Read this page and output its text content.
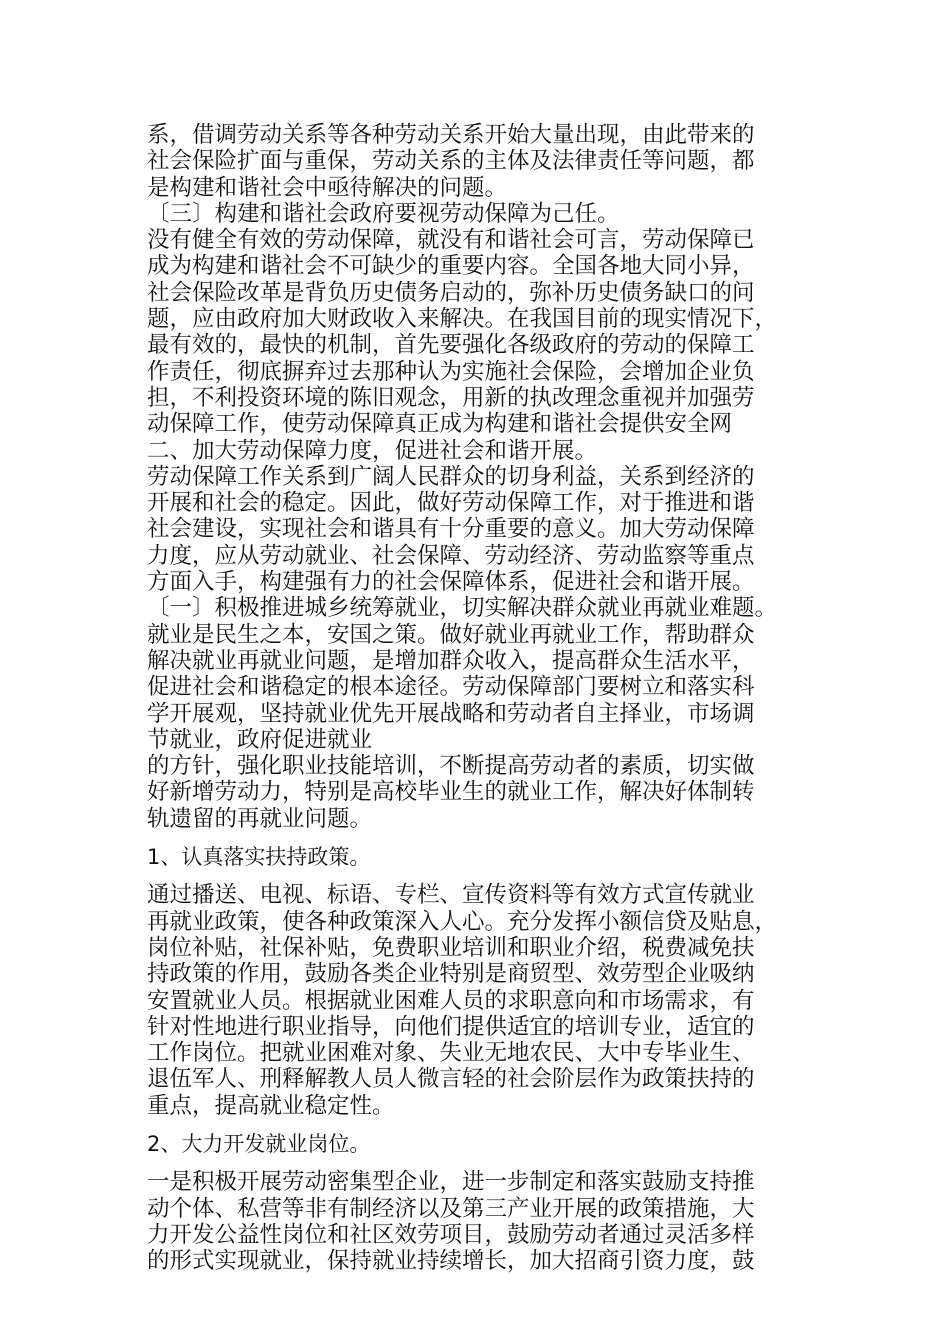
系，借调劳动关系等各种劳动关系开始大量出现，由此带来的
社会保险扩面与重保，劳动关系的主体及法律责任等问题，都
是构建和谐社会中亟待解决的问题。

〔三〕构建和谐社会政府要视劳动保障为己任。

没有健全有效的劳动保障，就没有和谐社会可言，劳动保障已
成为构建和谐社会不可缺少的重要内容。全国各地大同小异，
社会保险改革是背负历史债务启动的，弥补历史债务缺口的问
题，应由政府加大财政收入来解决。在我国目前的现实情况下，
最有效的，最快的机制，首先要强化各级政府的劳动的保障工
作责任，彻底摒弃过去那种认为实施社会保险，会增加企业负
担，不利投资环境的陈旧观念，用新的执改理念重视并加强劳
动保障工作，使劳动保障真正成为构建和谐社会提供安全网

二、加大劳动保障力度，促进社会和谐开展。

劳动保障工作关系到广阔人民群众的切身利益，关系到经济的
开展和社会的稳定。因此，做好劳动保障工作，对于推进和谐
社会建设，实现社会和谐具有十分重要的意义。加大劳动保障
力度，应从劳动就业、社会保障、劳动经济、劳动监察等重点
方面入手，构建强有力的社会保障体系，促进社会和谐开展。

〔一〕积极推进城乡统筹就业，切实解决群众就业再就业难题。

就业是民生之本，安国之策。做好就业再就业工作，帮助群众
解决就业再就业问题，是增加群众收入，提高群众生活水平，
促进社会和谐稳定的根本途径。劳动保障部门要树立和落实科
学开展观，坚持就业优先开展战略和劳动者自主择业，市场调
节就业，政府促进就业

的方针，强化职业技能培训，不断提高劳动者的素质，切实做
好新增劳动力，特别是高校毕业生的就业工作，解决好体制转
轨遗留的再就业问题。

1、认真落实扶持政策。

通过播送、电视、标语、专栏、宣传资料等有效方式宣传就业
再就业政策，使各种政策深入人心。充分发挥小额信贷及贴息，
岗位补贴，社保补贴，免费职业培训和职业介绍，税费减免扶
持政策的作用，鼓励各类企业特别是商贸型、效劳型企业吸纳
安置就业人员。根据就业困难人员的求职意向和市场需求，有
针对性地进行职业指导，向他们提供适宜的培训专业，适宜的
工作岗位。把就业困难对象、失业无地农民、大中专毕业生、
退伍军人、刑释解教人员人微言轻的社会阶层作为政策扶持的
重点，提高就业稳定性。

2、大力开发就业岗位。

一是积极开展劳动密集型企业，进一步制定和落实鼓励支持推
动个体、私营等非有制经济以及第三产业开展的政策措施，大
力开发公益性岗位和社区效劳项目，鼓励劳动者通过灵活多样
的形式实现就业，保持就业持续增长，加大招商引资力度，鼓
